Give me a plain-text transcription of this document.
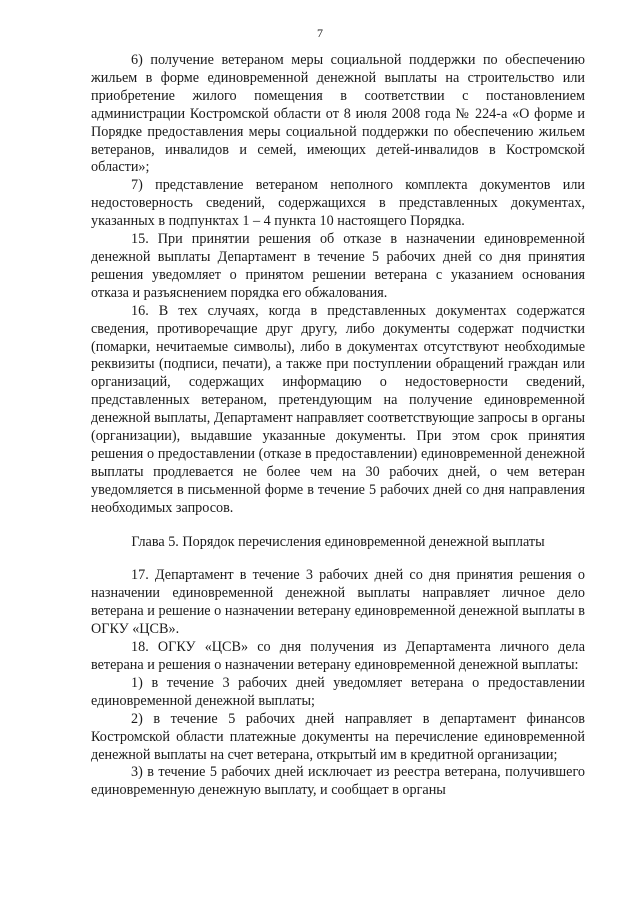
7

6) получение ветераном меры социальной поддержки по обеспечению жильем в форме единовременной денежной выплаты на строительство или приобретение жилого помещения в соответствии с постановлением администрации Костромской области от 8 июля 2008 года № 224-а «О форме и Порядке предоставления меры социальной поддержки по обеспечению жильем ветеранов, инвалидов и семей, имеющих детей-инвалидов в Костромской области»;

7) представление ветераном неполного комплекта документов или недостоверность сведений, содержащихся в представленных документах, указанных в подпунктах 1 – 4 пункта 10 настоящего Порядка.

15. При принятии решения об отказе в назначении единовременной денежной выплаты Департамент в течение 5 рабочих дней со дня принятия решения уведомляет о принятом решении ветерана с указанием основания отказа и разъяснением порядка его обжалования.

16. В тех случаях, когда в представленных документах содержатся сведения, противоречащие друг другу, либо документы содержат подчистки (помарки, нечитаемые символы), либо в документах отсутствуют необходимые реквизиты (подписи, печати), а также при поступлении обращений граждан или организаций, содержащих информацию о недостоверности сведений, представленных ветераном, претендующим на получение единовременной денежной выплаты, Департамент направляет соответствующие запросы в органы (организации), выдавшие указанные документы. При этом срок принятия решения о предоставлении (отказе в предоставлении) единовременной денежной выплаты продлевается не более чем на 30 рабочих дней, о чем ветеран уведомляется в письменной форме в течение 5 рабочих дней со дня направления необходимых запросов.

Глава 5. Порядок перечисления единовременной денежной выплаты

17. Департамент в течение 3 рабочих дней со дня принятия решения о назначении единовременной денежной выплаты направляет личное дело ветерана и решение о назначении ветерану единовременной денежной выплаты в ОГКУ «ЦСВ».

18. ОГКУ «ЦСВ» со дня получения из Департамента личного дела ветерана и решения о назначении ветерану единовременной денежной выплаты:

1) в течение 3 рабочих дней уведомляет ветерана о предоставлении единовременной денежной выплаты;

2) в течение 5 рабочих дней направляет в департамент финансов Костромской области платежные документы на перечисление единовременной денежной выплаты на счет ветерана, открытый им в кредитной организации;

3) в течение 5 рабочих дней исключает из реестра ветерана, получившего единовременную денежную выплату, и сообщает в органы
